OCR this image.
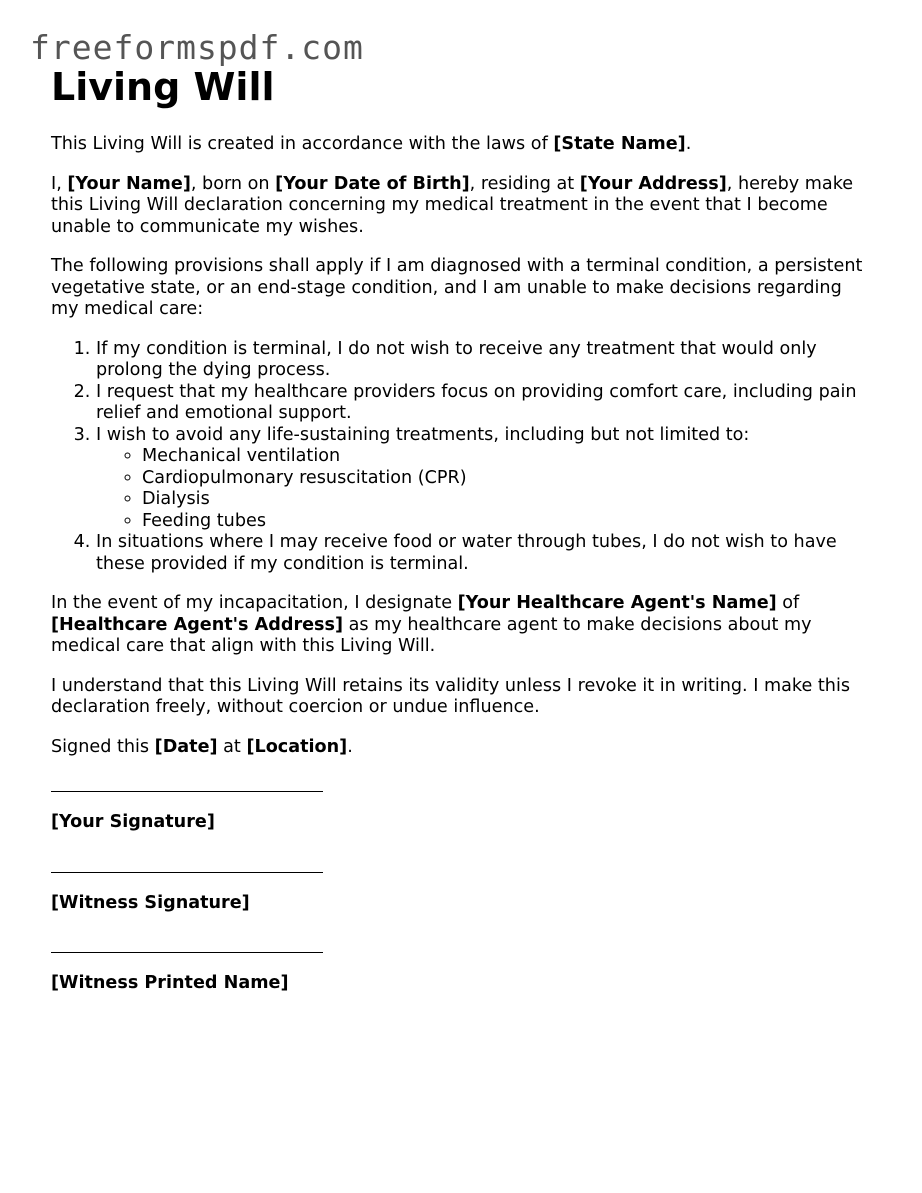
freeformspdf.com
Living Will

This Living Will is created in accordance with the laws of [State Name].

I, [Your Name], born on [Your Date of Birth], residing at [Your Address], hereby make this Living Will declaration concerning my medical treatment in the event that I become unable to communicate my wishes.

The following provisions shall apply if I am diagnosed with a terminal condition, a persistent vegetative state, or an end-stage condition, and I am unable to make decisions regarding my medical care:

1. If my condition is terminal, I do not wish to receive any treatment that would only prolong the dying process.
2. I request that my healthcare providers focus on providing comfort care, including pain relief and emotional support.
3. I wish to avoid any life-sustaining treatments, including but not limited to:
◦ Mechanical ventilation
◦ Cardiopulmonary resuscitation (CPR)
◦ Dialysis
◦ Feeding tubes
4. In situations where I may receive food or water through tubes, I do not wish to have these provided if my condition is terminal.

In the event of my incapacitation, I designate [Your Healthcare Agent's Name] of [Healthcare Agent's Address] as my healthcare agent to make decisions about my medical care that align with this Living Will.

I understand that this Living Will retains its validity unless I revoke it in writing. I make this declaration freely, without coercion or undue influence.

Signed this [Date] at [Location].

[Your Signature]
[Witness Signature]
[Witness Printed Name]
